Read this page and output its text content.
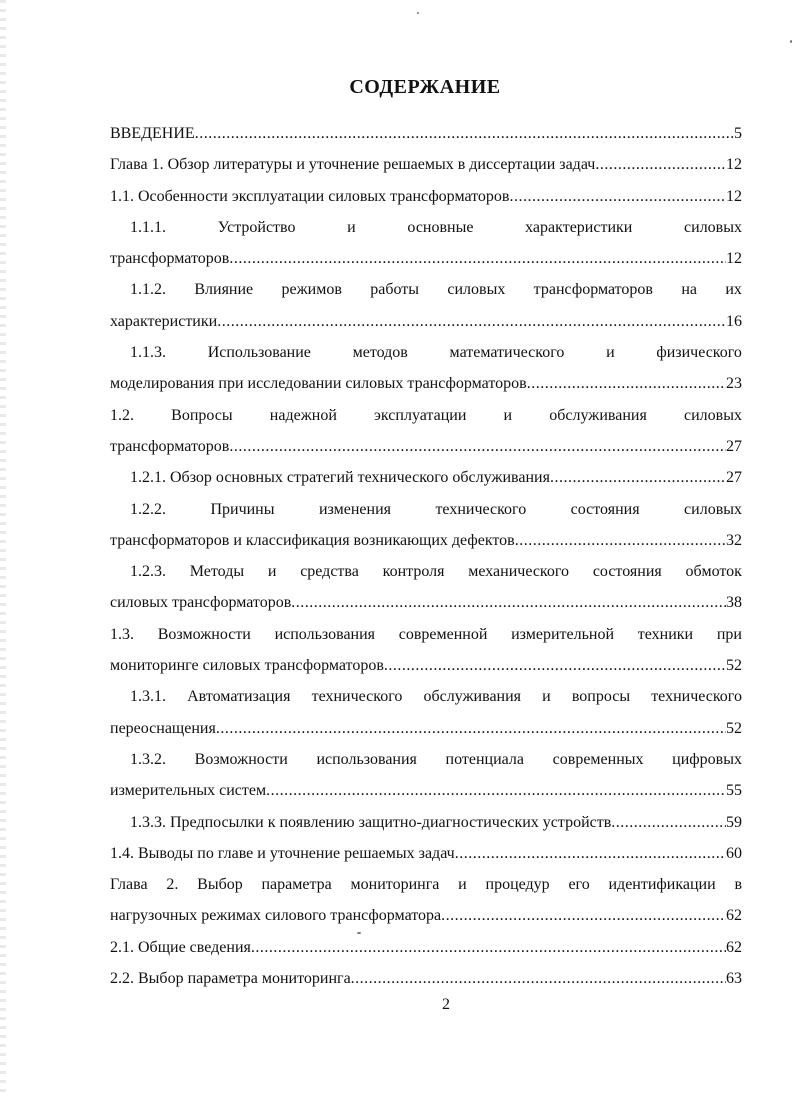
СОДЕРЖАНИЕ
ВВЕДЕНИЕ .....	5
Глава 1. Обзор литературы и уточнение решаемых в диссертации задач .....	12
1.1. Особенности эксплуатации силовых трансформаторов .....	12
1.1.1.	Устройство	и	основные	характеристики	силовых
трансформаторов .....	12
1.1.2. Влияние режимов работы силовых трансформаторов на их
характеристики .....	16
1.1.3.	Использование	методов	математического	и	физического
моделирования при исследовании силовых трансформаторов .....	23
1.2. Вопросы надежной эксплуатации и обслуживания силовых
трансформаторов .....	27
1.2.1. Обзор основных стратегий технического обслуживания .....	27
1.2.2.	Причины	изменения	технического	состояния	силовых
трансформаторов и классификация возникающих дефектов .....	32
1.2.3. Методы и средства контроля механического состояния обмоток
силовых трансформаторов .....	38
1.3. Возможности использования современной измерительной техники при
мониторинге силовых трансформаторов .....	52
1.3.1. Автоматизация технического обслуживания и вопросы технического
переоснащения .....	52
1.3.2. Возможности использования потенциала современных цифровых
измерительных систем .....	55
1.3.3. Предпосылки к появлению защитно-диагностических устройств .....	59
1.4. Выводы по главе и уточнение решаемых задач .....	60
Глава 2. Выбор параметра мониторинга и процедур его идентификации в
нагрузочных режимах силового трансформатора .....	62
2.1. Общие сведения .....	62
2.2. Выбор параметра мониторинга .....	63
2
